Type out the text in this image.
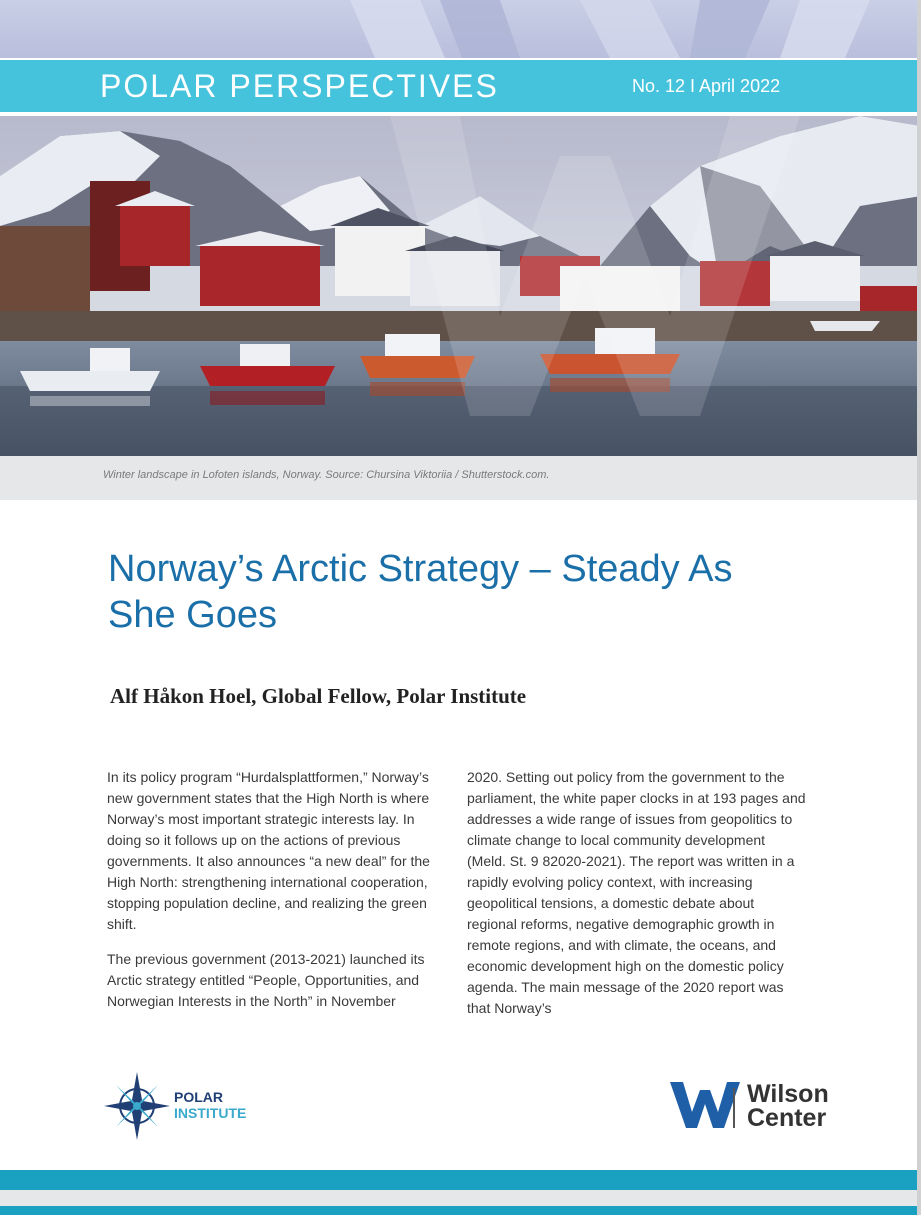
POLAR PERSPECTIVES	No. 12 I April 2022
Winter landscape in Lofoten islands, Norway. Source: Chursina Viktoriia / Shutterstock.com.
Norway’s Arctic Strategy – Steady As She Goes
Alf Håkon Hoel, Global Fellow, Polar Institute

In its policy program “Hurdalsplattformen,” Norway’s new government states that the High North is where Norway’s most important strategic interests lay. In doing so it follows up on the actions of previous governments. It also announces “a new deal” for the High North: strengthening international cooperation, stopping population decline, and realizing the green shift.

The previous government (2013-2021) launched its Arctic strategy entitled “People, Opportunities, and Norwegian Interests in the North” in November

2020. Setting out policy from the government to the parliament, the white paper clocks in at 193 pages and addresses a wide range of issues from geopolitics to climate change to local community development (Meld. St. 9 82020-2021). The report was written in a rapidly evolving policy context, with increasing geopolitical tensions, a domestic debate about regional reforms, negative demographic growth in remote regions, and with climate, the oceans, and economic development high on the domestic policy agenda. The main message of the 2020 report was that Norway’s

POLAR
INSTITUTE
Wilson
Center
